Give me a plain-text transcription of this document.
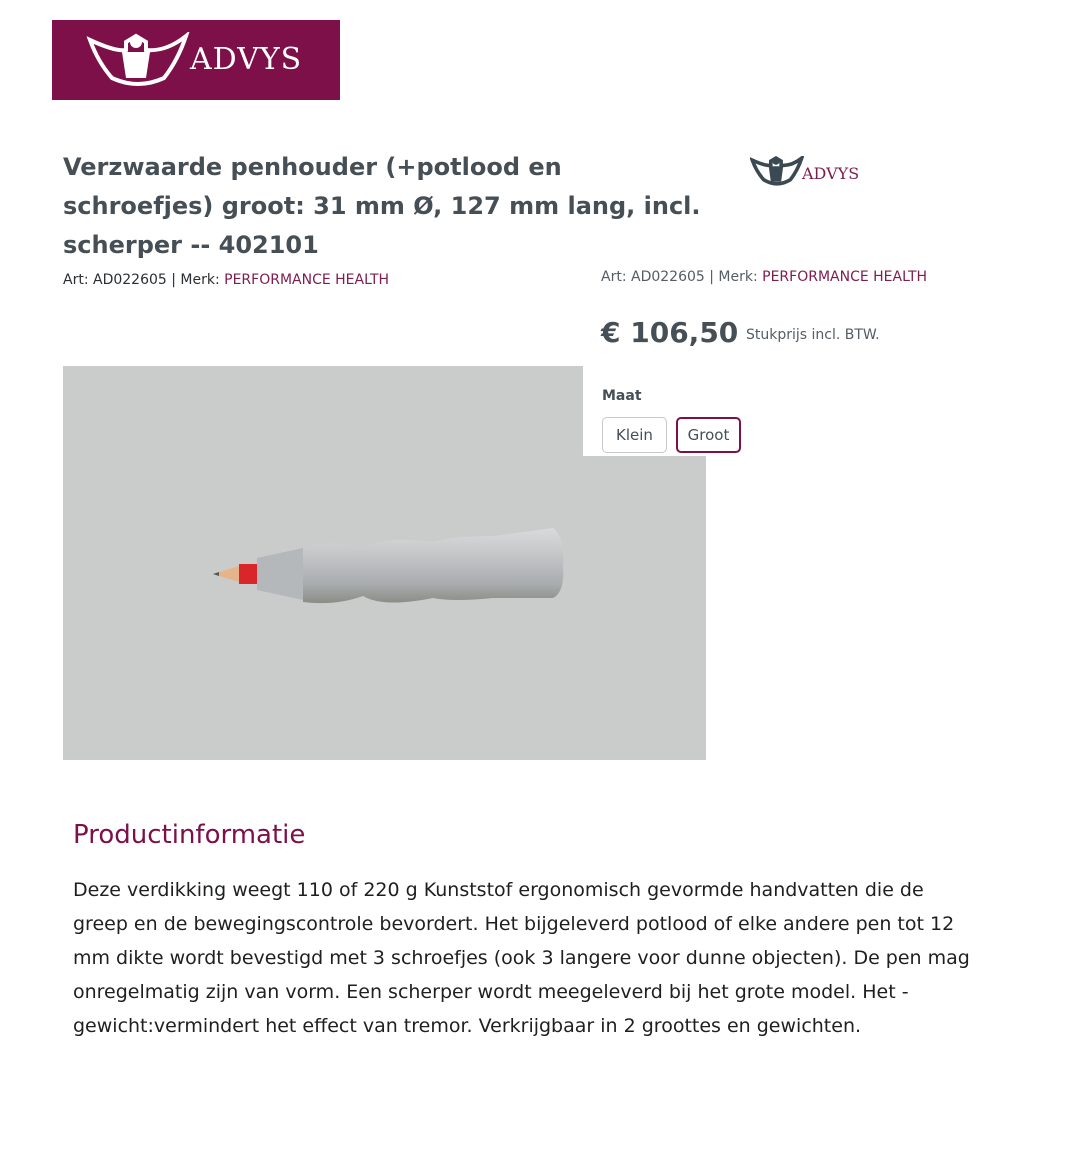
ADVYS
Verzwaarde penhouder (+potlood en schroefjes) groot: 31 mm Ø, 127 mm lang, incl. scherper -- 402101
Art: AD022605 | Merk: PERFORMANCE HEALTH
ADVYS
Art: AD022605 | Merk: PERFORMANCE HEALTH
€ 106,50 Stukprijs incl. BTW.
Maat
Klein	Groot
Productinformatie

Deze verdikking weegt 110 of 220 g Kunststof ergonomisch gevormde handvatten die de greep en de bewegingscontrole bevordert. Het bijgeleverd potlood of elke andere pen tot 12 mm dikte wordt bevestigd met 3 schroefjes (ook 3 langere voor dunne objecten). De pen mag onregelmatig zijn van vorm. Een scherper wordt meegeleverd bij het grote model. Het - gewicht:vermindert het effect van tremor. Verkrijgbaar in 2 groottes en gewichten.
